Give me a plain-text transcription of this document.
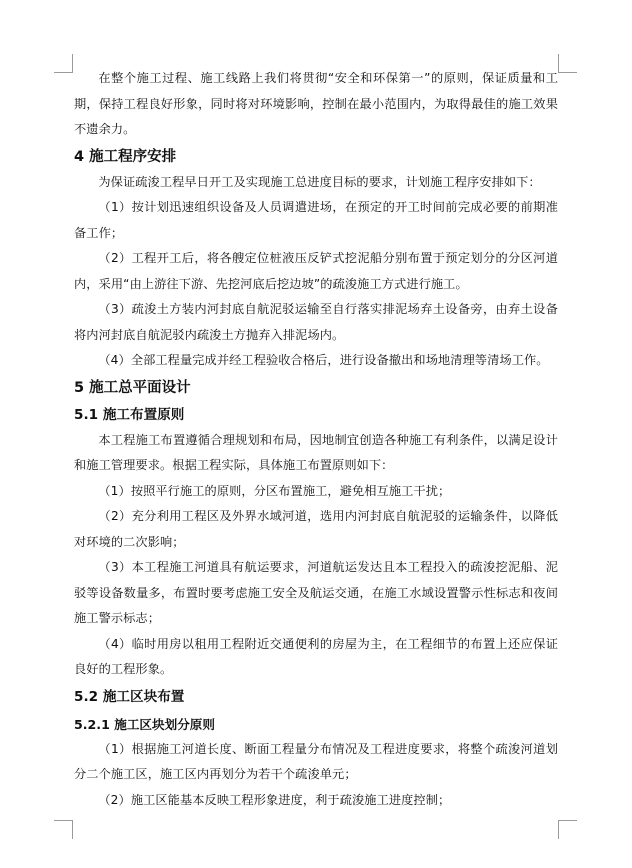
在整个施工过程、施工线路上我们将贯彻“安全和环保第一”的原则，保证质量和工期，保持工程良好形象，同时将对环境影响，控制在最小范围内，为取得最佳的施工效果不遗余力。

4 施工程序安排

为保证疏浚工程早日开工及实现施工总进度目标的要求，计划施工程序安排如下：

（1）按计划迅速组织设备及人员调遣进场，在预定的开工时间前完成必要的前期准备工作；

（2）工程开工后，将各艘定位桩液压反铲式挖泥船分别布置于预定划分的分区河道内，采用“由上游往下游、先挖河底后挖边坡”的疏浚施工方式进行施工。

（3）疏浚土方装内河封底自航泥驳运输至自行落实排泥场弃土设备旁，由弃土设备将内河封底自航泥驳内疏浚土方抛弃入排泥场内。

（4）全部工程量完成并经工程验收合格后，进行设备撤出和场地清理等清场工作。

5 施工总平面设计
5.1 施工布置原则

本工程施工布置遵循合理规划和布局，因地制宜创造各种施工有利条件，以满足设计和施工管理要求。根据工程实际，具体施工布置原则如下：

（1）按照平行施工的原则，分区布置施工，避免相互施工干扰；

（2）充分利用工程区及外界水域河道，选用内河封底自航泥驳的运输条件，以降低对环境的二次影响；

（3）本工程施工河道具有航运要求，河道航运发达且本工程投入的疏浚挖泥船、泥驳等设备数量多，布置时要考虑施工安全及航运交通，在施工水域设置警示性标志和夜间施工警示标志；

（4）临时用房以租用工程附近交通便利的房屋为主，在工程细节的布置上还应保证良好的工程形象。

5.2 施工区块布置
5.2.1 施工区块划分原则

（1）根据施工河道长度、断面工程量分布情况及工程进度要求，将整个疏浚河道划分二个施工区，施工区内再划分为若干个疏浚单元；

（2）施工区能基本反映工程形象进度，利于疏浚施工进度控制；
